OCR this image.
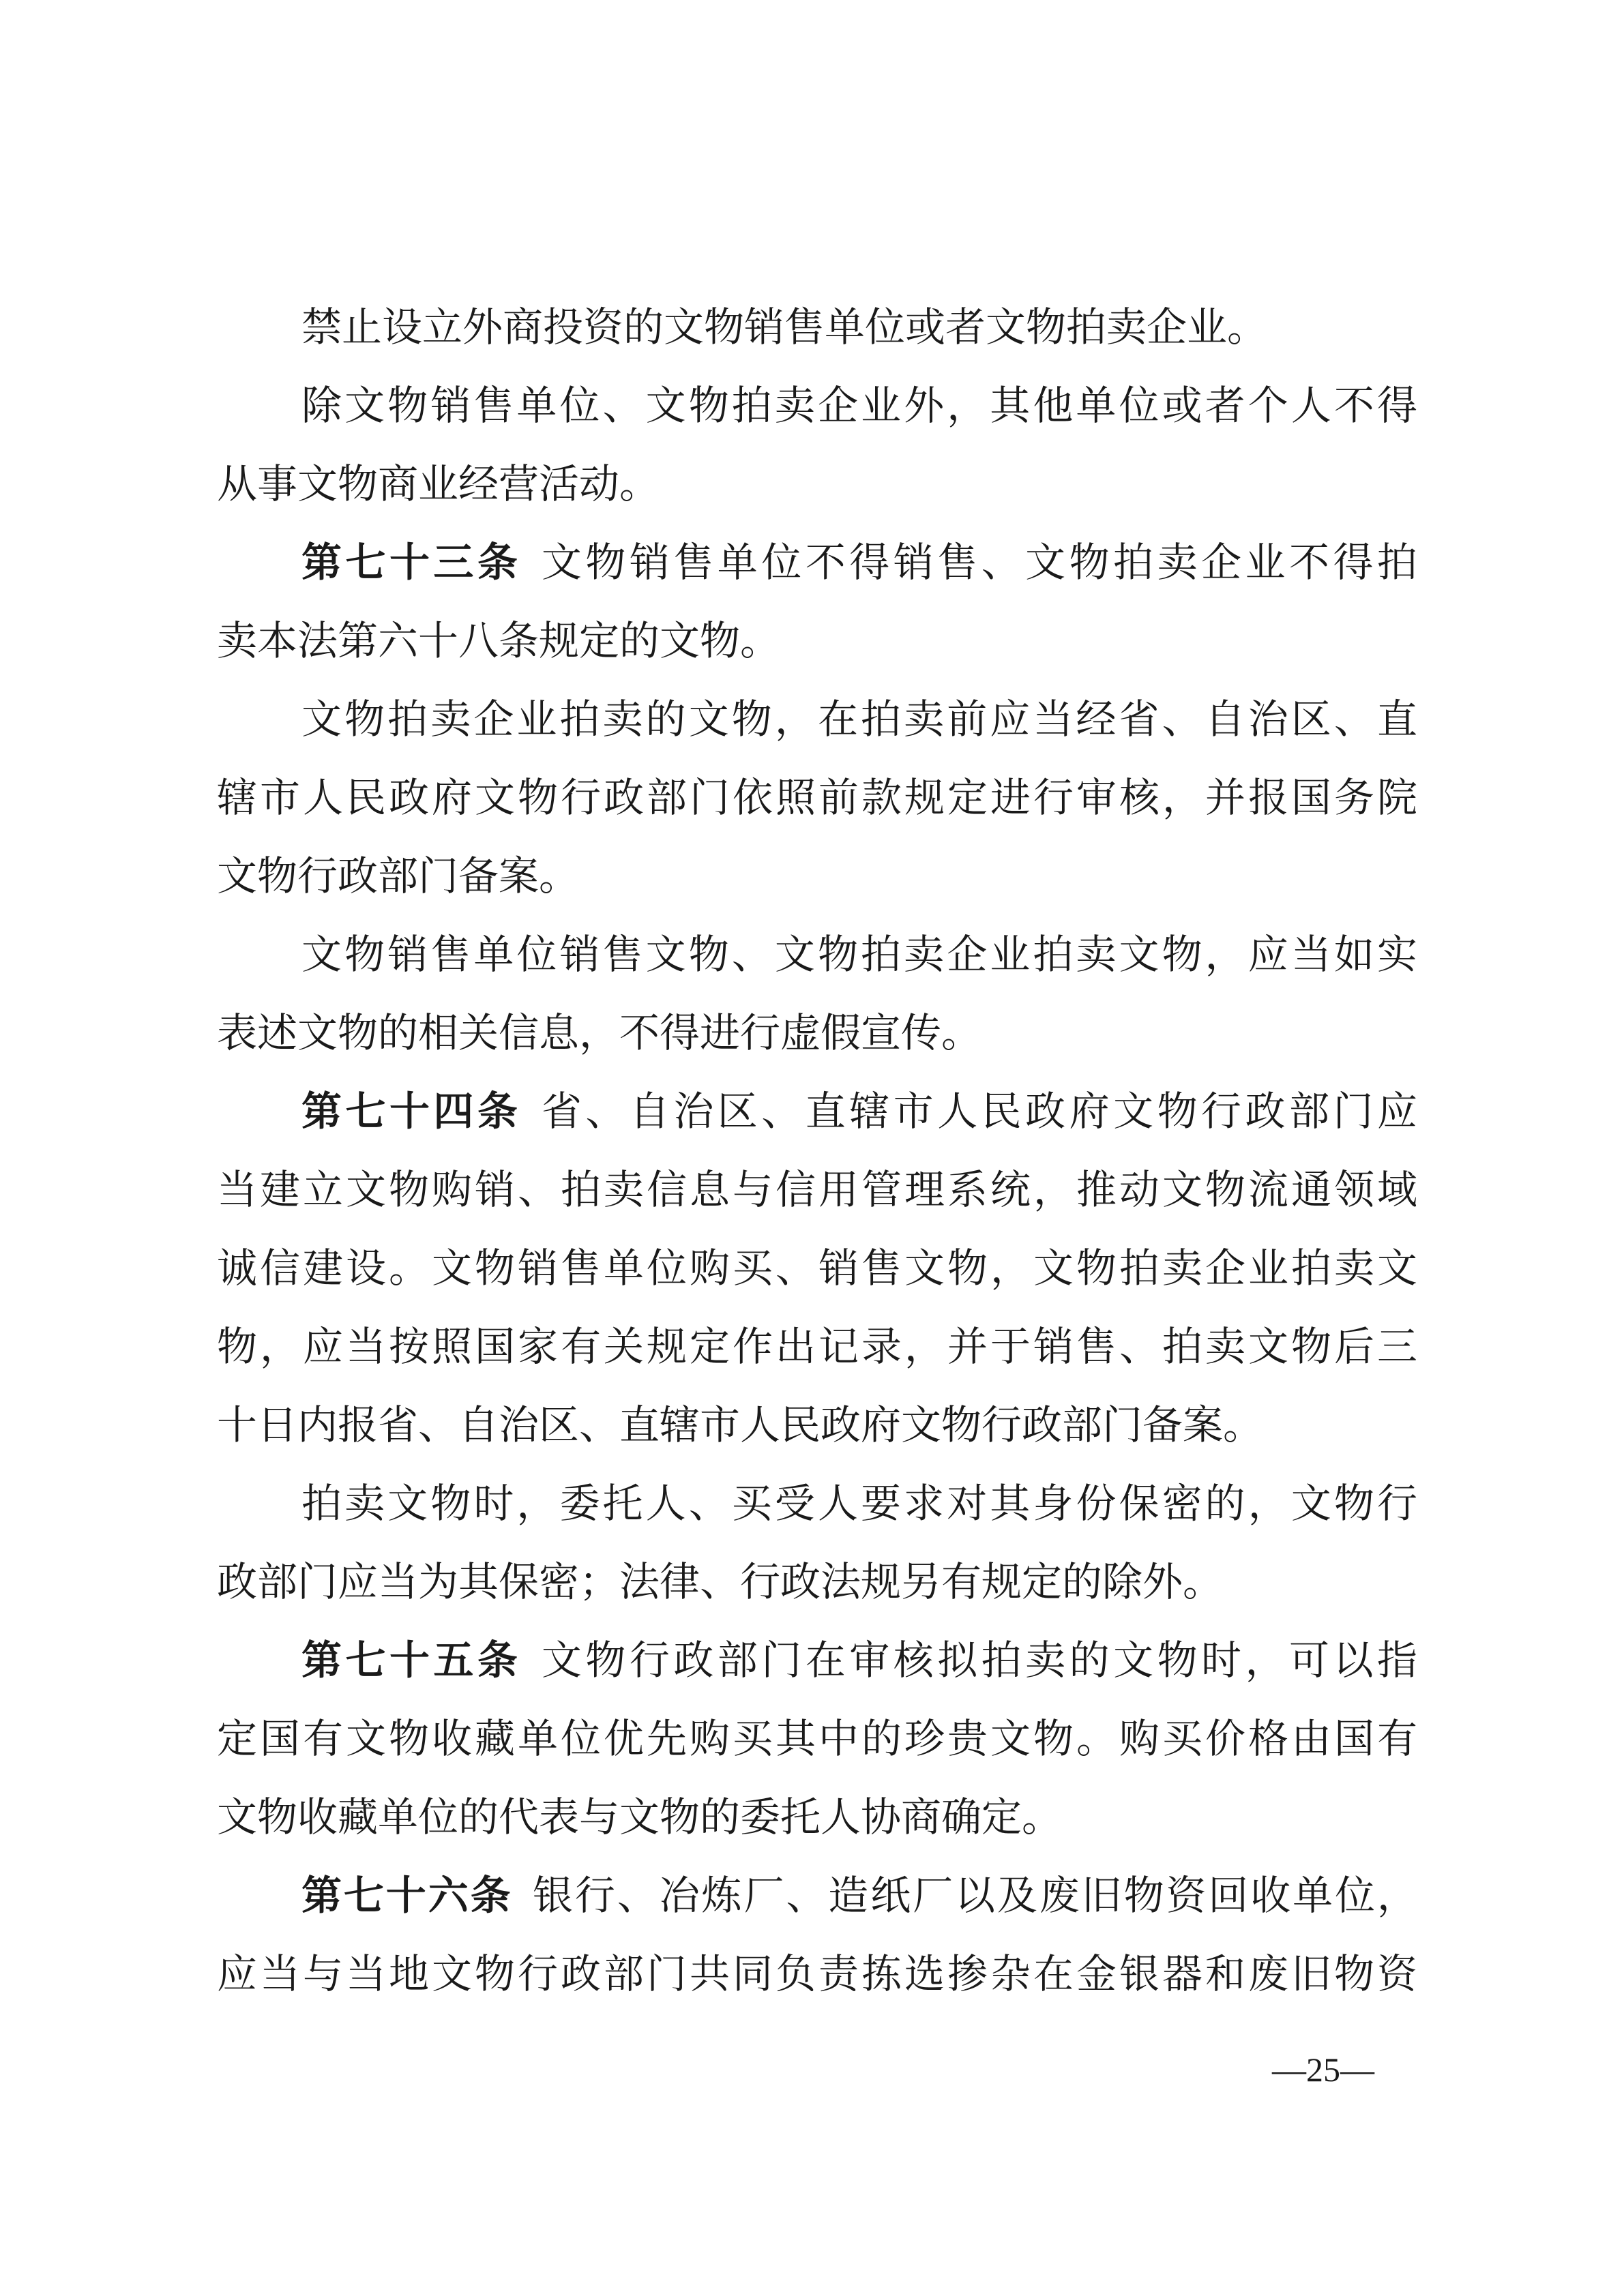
禁止设立外商投资的文物销售单位或者文物拍卖企业。
除文物销售单位、文物拍卖企业外，其他单位或者个人不得
从事文物商业经营活动。
第七十三条 文物销售单位不得销售、文物拍卖企业不得拍
卖本法第六十八条规定的文物。
文物拍卖企业拍卖的文物，在拍卖前应当经省、自治区、直
辖市人民政府文物行政部门依照前款规定进行审核，并报国务院
文物行政部门备案。
文物销售单位销售文物、文物拍卖企业拍卖文物，应当如实
表述文物的相关信息，不得进行虚假宣传。
第七十四条 省、自治区、直辖市人民政府文物行政部门应
当建立文物购销、拍卖信息与信用管理系统，推动文物流通领域
诚信建设。文物销售单位购买、销售文物，文物拍卖企业拍卖文
物，应当按照国家有关规定作出记录，并于销售、拍卖文物后三
十日内报省、自治区、直辖市人民政府文物行政部门备案。
拍卖文物时，委托人、买受人要求对其身份保密的，文物行
政部门应当为其保密；法律、行政法规另有规定的除外。
第七十五条 文物行政部门在审核拟拍卖的文物时，可以指
定国有文物收藏单位优先购买其中的珍贵文物。购买价格由国有
文物收藏单位的代表与文物的委托人协商确定。
第七十六条 银行、冶炼厂、造纸厂以及废旧物资回收单位，
应当与当地文物行政部门共同负责拣选掺杂在金银器和废旧物资
—25—
